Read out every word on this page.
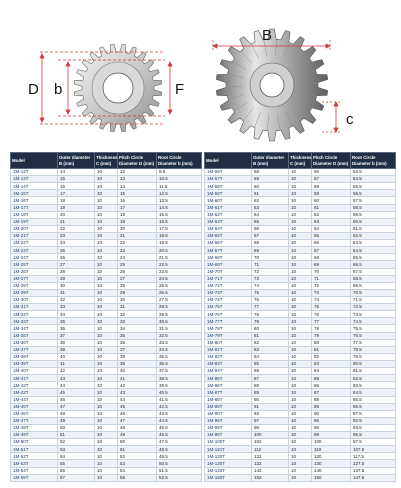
D b	F
B
c
Model	Outer diameter B (mm)	Thickness C (mm)	Pitch Circle Diameter D (mm)	Root Circle Diameter b (mm)
1M-12T	14	10	12	9.5
1M-13T	15	10	13	10.5
1M-14T	16	10	14	11.5
1M-15T	17	10	15	12.5
1M-16T	18	10	16	13.5
1M-17T	19	10	17	14.5
1M-18T	20	10	18	15.5
1M-19T	21	10	19	16.5
1M-20T	22	10	20	17.5
1M-21T	23	10	21	18.5
1M-22T	24	10	22	19.5
1M-23T	25	10	23	20.5
1M-24T	26	10	24	21.5
1M-25T	27	10	25	22.5
1M-26T	28	10	26	23.5
1M-27T	29	10	27	24.5
1M-28T	30	10	28	25.5
1M-29T	31	10	29	26.5
1M-30T	32	10	30	27.5
1M-31T	33	10	31	28.5
1M-32T	34	10	32	29.5
1M-33T	35	10	33	30.5
1M-34T	36	10	34	31.5
1M-35T	37	10	35	32.5
1M-36T	38	10	36	33.5
1M-37T	39	10	37	34.5
1M-38T	40	10	38	35.5
1M-39T	41	10	39	36.5
1M-40T	42	10	40	37.5
1M-41T	43	10	41	38.5
1M-42T	44	10	42	39.5
1M-43T	45	10	43	40.5
1M-44T	46	10	44	41.5
1M-45T	47	10	45	42.5
1M-46T	48	10	46	43.5
1M-47T	49	10	47	44.5
1M-48T	50	10	48	45.5
1M-49T	51	10	49	46.5
1M-50T	52	10	50	47.5
1M-51T	53	10	51	48.5
1M-52T	54	10	52	49.5
1M-53T	55	10	53	50.5
1M-54T	56	10	54	51.5
1M-55T	57	10	55	52.5
Model	Outer diameter B (mm)	Thickness C (mm)	Pitch Circle Diameter D (mm)	Root Circle Diameter b (mm)
1M-56T	58	10	56	53.5
1M-57T	59	10	57	54.5
1M-58T	60	10	58	55.5
1M-59T	61	10	59	56.5
1M-60T	62	10	60	57.5
1M-61T	63	10	61	58.5
1M-62T	64	10	62	59.5
1M-63T	65	10	63	60.5
1M-64T	66	10	64	61.5
1M-65T	67	10	65	62.5
1M-66T	68	10	66	63.5
1M-67T	69	10	67	64.5
1M-68T	70	10	68	65.5
1M-69T	71	10	69	66.5
1M-70T	72	10	70	67.5
1M-71T	73	10	71	68.5
1M-72T	74	10	72	69.5
1M-73T	75	10	73	70.5
1M-74T	76	10	74	71.5
1M-75T	77	10	75	72.5
1M-76T	78	10	76	73.5
1M-77T	79	10	77	74.5
1M-78T	80	10	78	75.5
1M-79T	81	10	79	76.5
1M-80T	82	10	80	77.5
1M-81T	83	10	81	78.5
1M-82T	84	10	82	79.5
1M-83T	85	10	83	80.5
1M-84T	86	10	84	81.5
1M-85T	87	10	85	82.5
1M-86T	88	10	86	83.5
1M-87T	89	10	87	84.5
1M-88T	90	10	88	85.5
1M-89T	91	10	89	86.5
1M-90T	92	10	90	87.5
1M-95T	97	10	95	92.5
1M-96T	98	10	96	93.5
1M-98T	100	10	98	95.5
1M-100T	102	10	100	97.5
1M-110T	112	10	110	107.5
1M-120T	122	10	120	117.5
1M-130T	132	10	130	127.5
1M-140T	142	10	140	137.5
1M-150T	152	10	150	147.5
